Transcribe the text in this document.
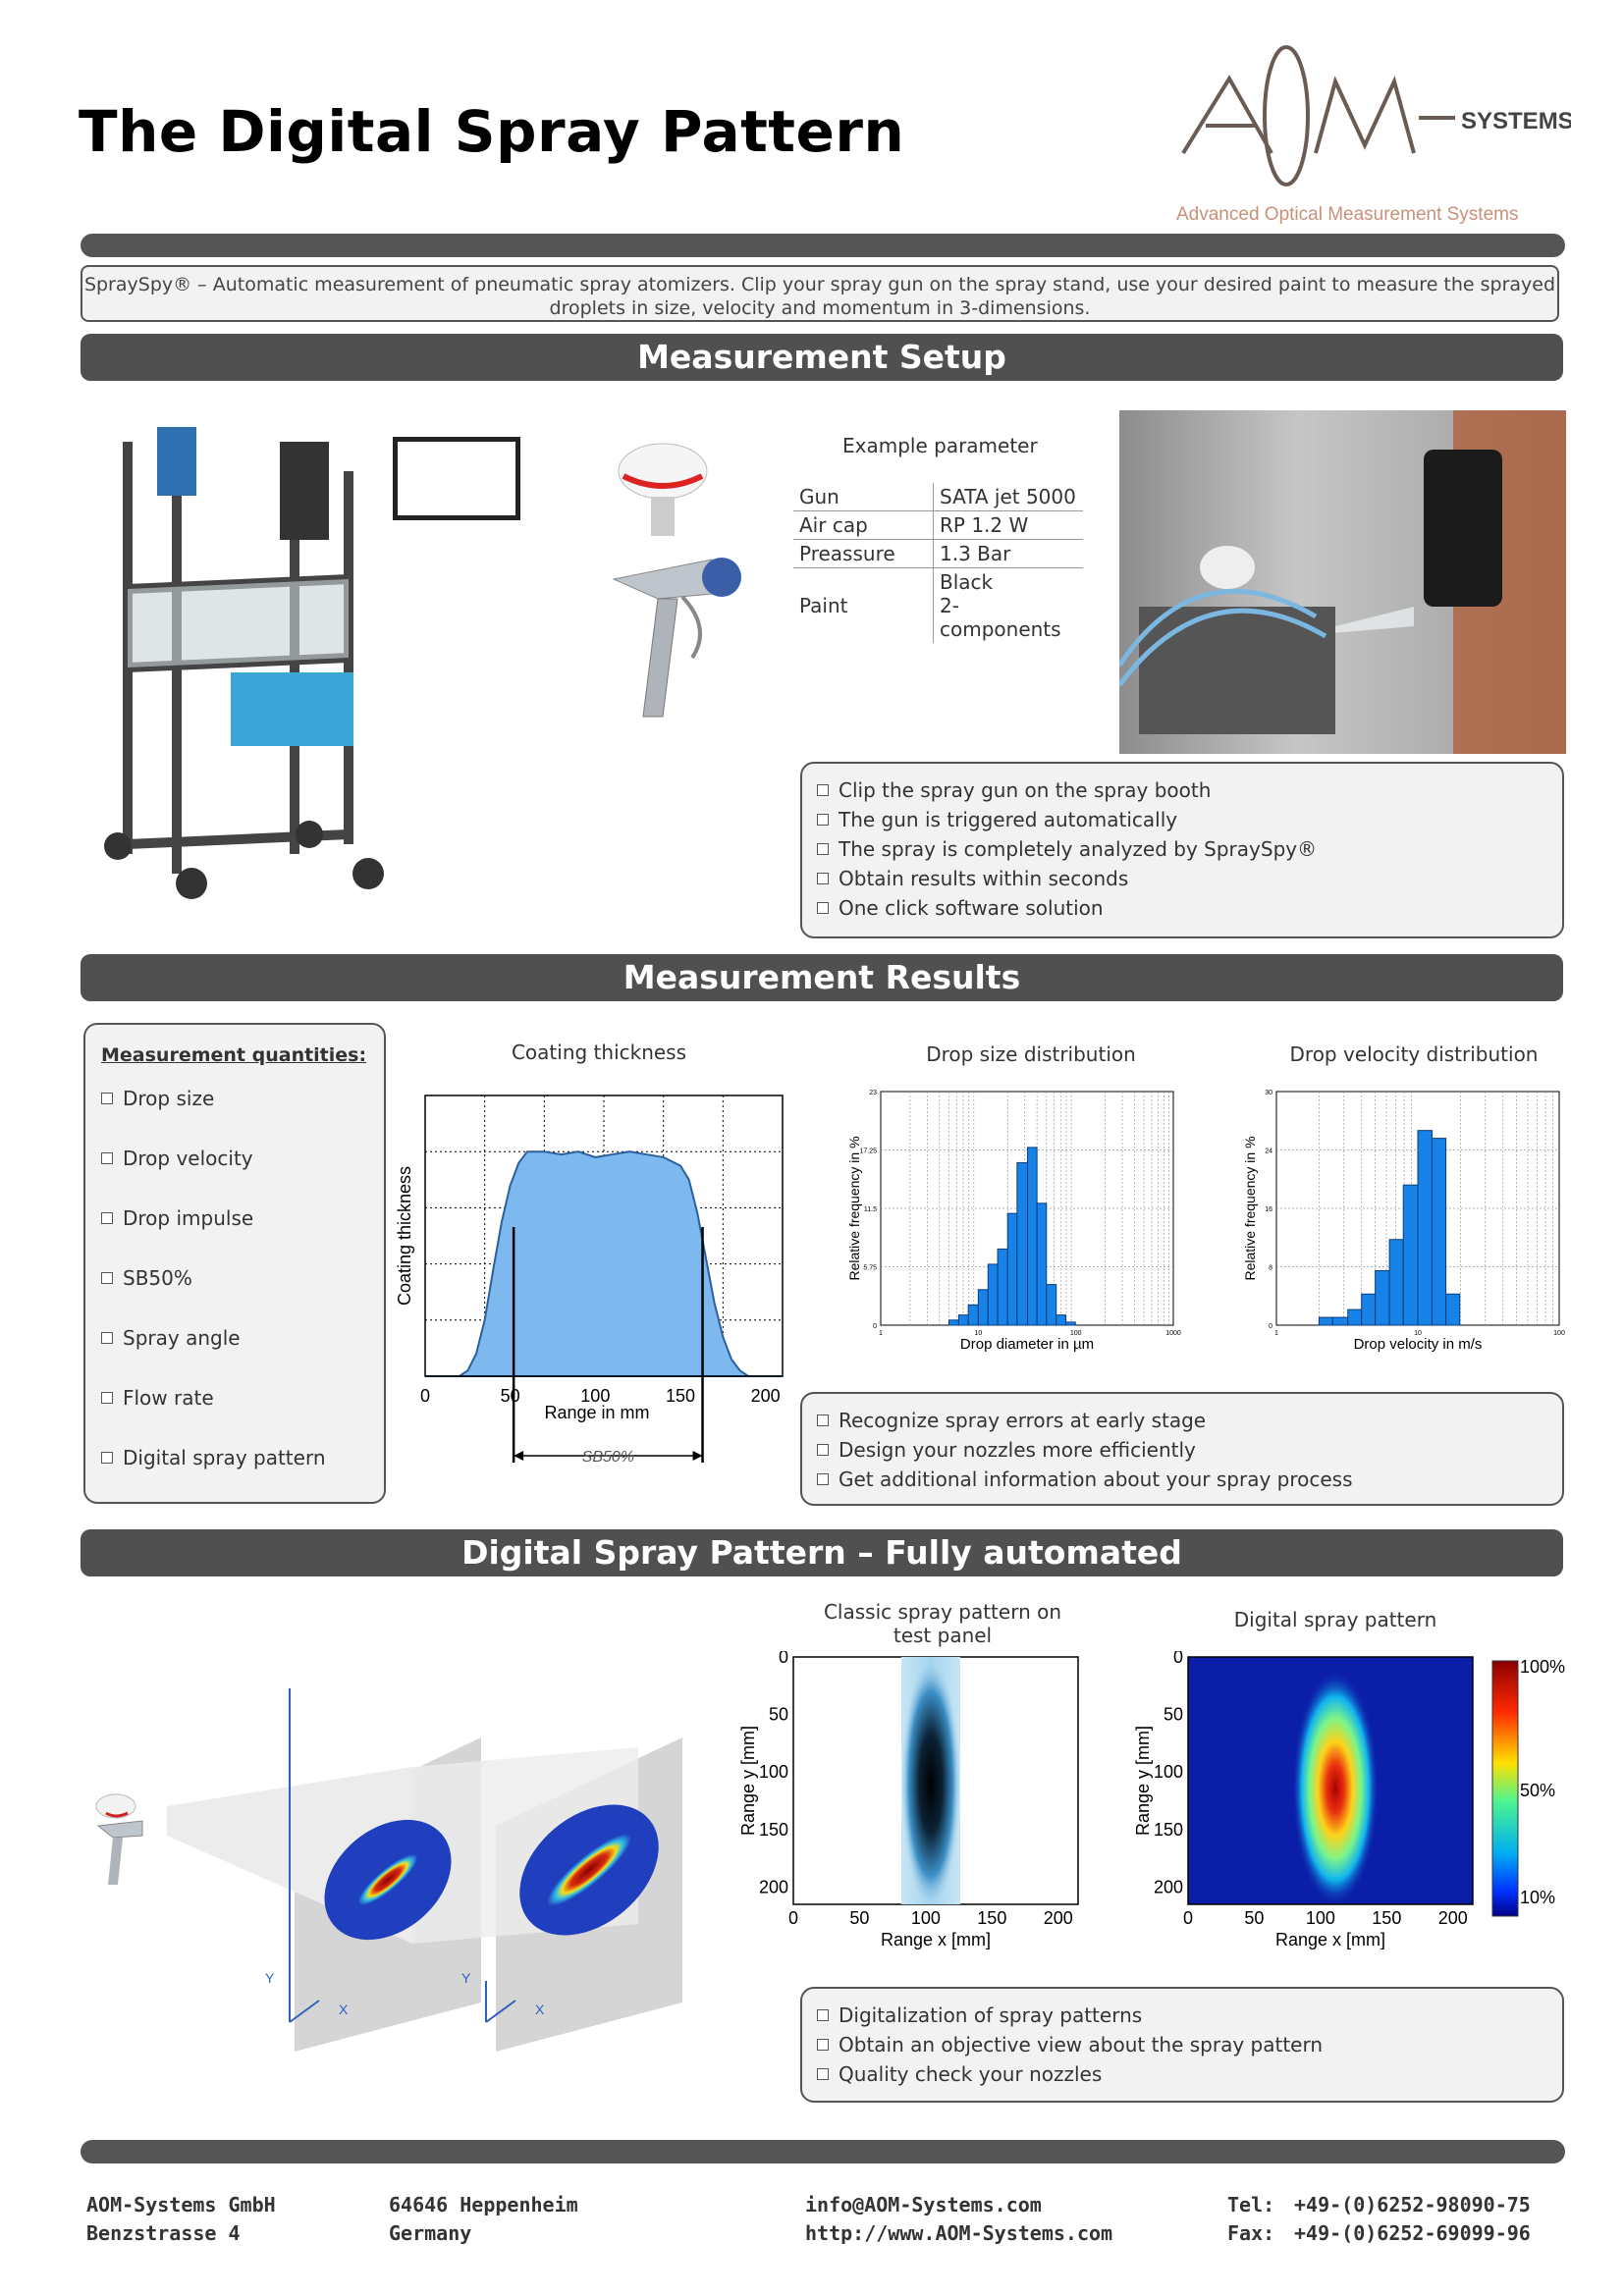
The Digital Spray Pattern	SYSTEMS
Advanced Optical Measurement Systems
SpraySpy® – Automatic measurement of pneumatic spray atomizers. Clip your spray gun on the spray stand, use your desired paint to measure the sprayed droplets in size, velocity and momentum in 3-dimensions.
Measurement Setup
Example parameter
Gun	SATA jet 5000
Air cap	RP 1.2 W
Preassure	1.3 Bar
Paint	Black
2-components
Clip the spray gun on the spray booth
The gun is triggered automatically
The spray is completely analyzed by SpraySpy®
Obtain results within seconds
One click software solution
Measurement Results
Measurement quantities:
Drop size
Drop velocity
Drop impulse
SB50%
Spray angle
Flow rate
Digital spray pattern
Coating thickness
Coating thickness
0	50	100	150	200
Range in mm
SB50%
Drop size distribution
23
17.25
11.5
5.75
0
1	10	100	1000
Relative frequency in %
Drop diameter in µm
Drop velocity distribution
30
24
16
8
0
1	10	100
Relative frequency in %
Drop velocity in m/s
Recognize spray errors at early stage
Design your nozzles more efficiently
Get additional information about your spray process
Digital Spray Pattern – Fully automated
Y
X
Y
X
Classic spray pattern on
test panel
0
0
50
50
100
100
150
150
200
200
Range x [mm]
Range y [mm]
Digital spray pattern
100%
50%
10%
0
0
50
50
100
100
150
150
200
200
Range x [mm]
Range y [mm]
Digitalization of spray patterns
Obtain an objective view about the spray pattern
Quality check your nozzles
AOM-Systems GmbH
Benzstrasse 4
64646 Heppenheim
Germany
info@AOM-Systems.com
http://www.AOM-Systems.com
Tel: +49-(0)6252-98090-75
Fax: +49-(0)6252-69099-96
